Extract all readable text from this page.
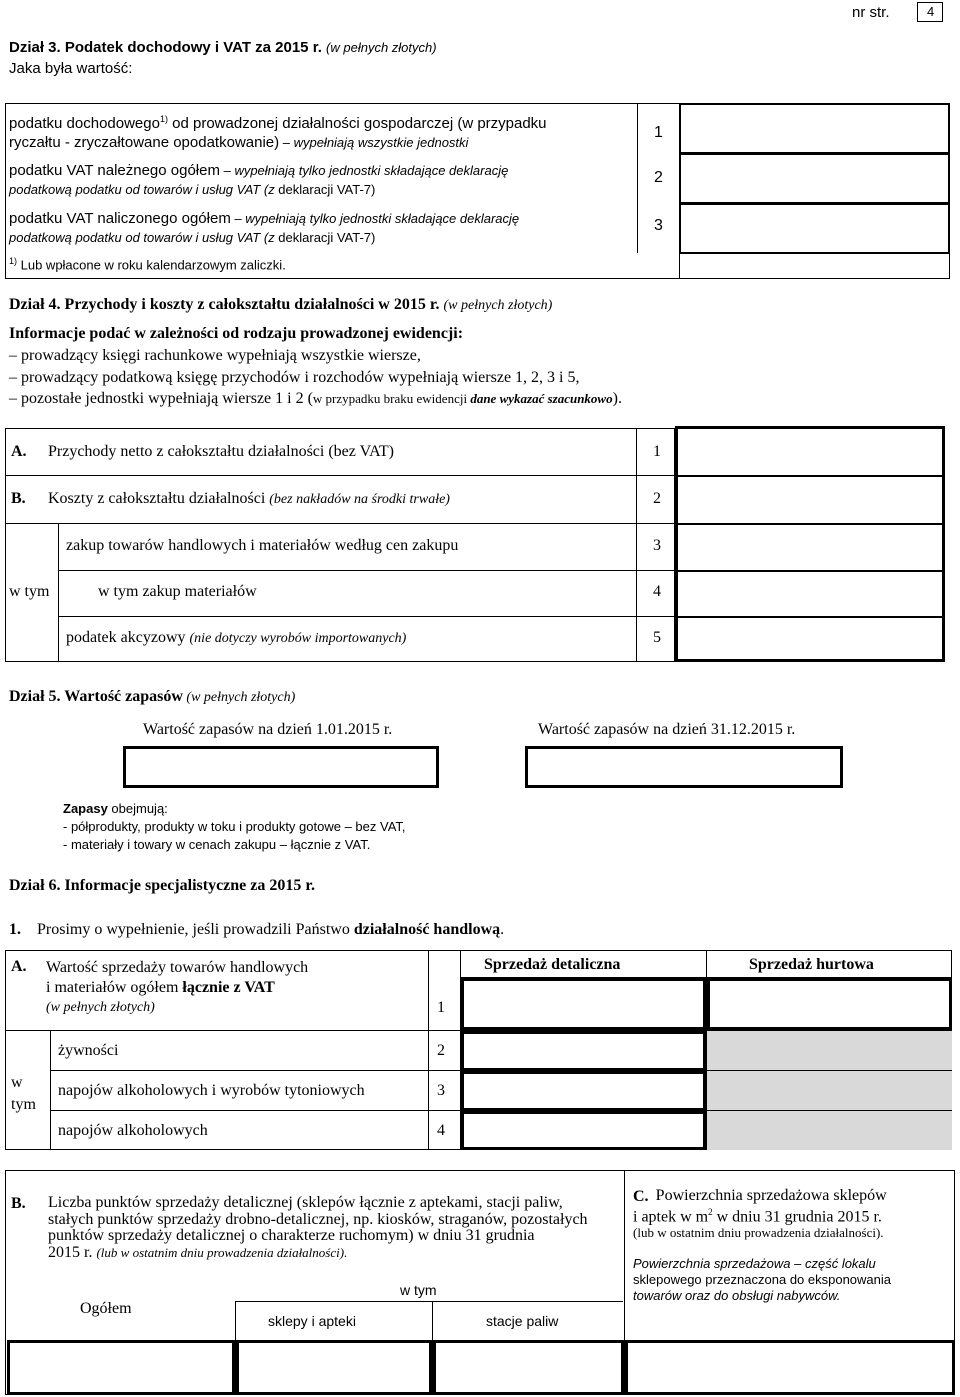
nr str.	4
Dział 3. Podatek dochodowy i VAT za 2015 r. (w pełnych złotych)
Jaka była wartość:
podatku dochodowego$^{1)}$ od prowadzonej działalności gospodarczej (w przypadku
ryczałtu - zryczałtowane opodatkowanie) – wypełniają wszystkie jednostki
1
podatku VAT należnego ogółem – wypełniają tylko jednostki składające deklarację
podatkową podatku od towarów i usług VAT (z deklaracji VAT-7)
2
podatku VAT naliczonego ogółem – wypełniają tylko jednostki składające deklarację
podatkową podatku od towarów i usług VAT (z deklaracji VAT-7)
3
$^{1)}$ Lub wpłacone w roku kalendarzowym zaliczki.
Dział 4. Przychody i koszty z całokształtu działalności w 2015 r. (w pełnych złotych)
Informacje podać w zależności od rodzaju prowadzonej ewidencji:
– prowadzący księgi rachunkowe wypełniają wszystkie wiersze,
– prowadzący podatkową księgę przychodów i rozchodów wypełniają wiersze 1, 2, 3 i 5,
– pozostałe jednostki wypełniają wiersze 1 i 2 (w przypadku braku ewidencji dane wykazać szacunkowo).
A. Przychody netto z całokształtu działalności (bez VAT)	1
B. Koszty z całokształtu działalności (bez nakładów na środki trwałe)	2
w tym
zakup towarów handlowych i materiałów według cen zakupu	3
w tym zakup materiałów	4
podatek akcyzowy (nie dotyczy wyrobów importowanych)	5
Dział 5. Wartość zapasów (w pełnych złotych)
Wartość zapasów na dzień 1.01.2015 r.	Wartość zapasów na dzień 31.12.2015 r.
Zapasy obejmują:
- półprodukty, produkty w toku i produkty gotowe – bez VAT,
- materiały i towary w cenach zakupu – łącznie z VAT.
Dział 6. Informacje specjalistyczne za 2015 r.
1. Prosimy o wypełnienie, jeśli prowadzili Państwo działalność handlową.
Sprzedaż detaliczna	Sprzedaż hurtowa
A. Wartość sprzedaży towarów handlowych
i materiałów ogółem łącznie z VAT
(w pełnych złotych)	1
w
tym
żywności	2
napojów alkoholowych i wyrobów tytoniowych	3
napojów alkoholowych	4
B. Liczba punktów sprzedaży detalicznej (sklepów łącznie z aptekami, stacji paliw,
stałych punktów sprzedaży drobno-detalicznej, np. kiosków, straganów, pozostałych
punktów sprzedaży detalicznej o charakterze ruchomym) w dniu 31 grudnia
2015 r. (lub w ostatnim dniu prowadzenia działalności).
Ogółem
w tym
sklepy i apteki	stacje paliw
C. Powierzchnia sprzedażowa sklepów
i aptek w $m^2$ w dniu 31 grudnia 2015 r.
(lub w ostatnim dniu prowadzenia działalności).
Powierzchnia sprzedażowa – część lokalu
sklepowego przeznaczona do eksponowania
towarów oraz do obsługi nabywców.
